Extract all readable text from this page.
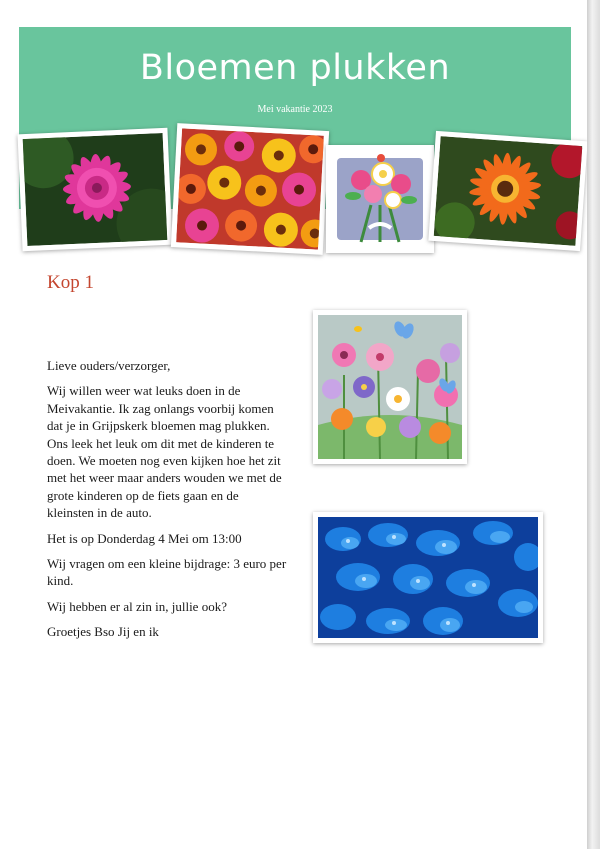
Bloemen plukken
Mei vakantie 2023
Kop 1

Lieve ouders/verzorger,

Wij willen weer wat leuks doen in de Meivakantie. Ik zag onlangs voorbij komen dat je in Grijpskerk bloemen mag plukken. Ons leek het leuk om dit met de kinderen te doen. We moeten nog even kijken hoe het zit met het weer maar anders wouden we met de grote kinderen op de fiets gaan en de kleinsten in de auto.

Het is op Donderdag 4 Mei om 13:00

Wij vragen om een kleine bijdrage: 3 euro per kind.

Wij hebben er al zin in, jullie ook?

Groetjes Bso Jij en ik
